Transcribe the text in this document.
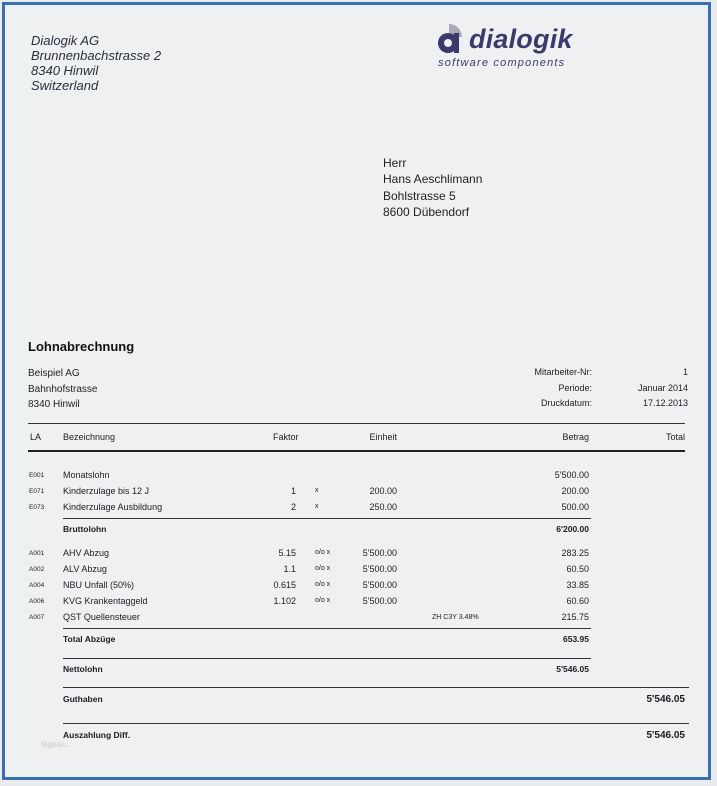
Dialogik AG
Brunnenbachstrasse 2
8340 Hinwil
Switzerland
dialogik
software components
Herr
Hans Aeschlimann
Bohlstrasse 5
8600 Dübendorf
Lohnabrechnung
Beispiel AG
Bahnhofstrasse
8340 Hinwil
Mitarbeiter-Nr:	1
Periode:	Januar 2014
Druckdatum:	17.12.2013
LA Bezeichnung	Faktor	Einheit	Betrag	Total
E001 Monatslohn	5'500.00
E071 Kinderzulage bis 12 J	1	x	200.00	200.00
E073 Kinderzulage Ausbildung	2	x	250.00	500.00
Bruttolohn	6'200.00
A001 AHV Abzug	5.15	o/o x	5'500.00	283.25
A002 ALV Abzug	1.1	o/o x	5'500.00	60.50
A004 NBU Unfall (50%)	0.615	o/o x	5'500.00	33.85
A006 KVG Krankentaggeld	1.102	o/o x	5'500.00	60.60
A007 QST Quellensteuer	ZH C3Y 3.48%	215.75
Total Abzüge	653.95
Nettolohn	5'546.05
Guthaben	5'546.05
Auszahlung Diff.	5'546.05
fegeas..
